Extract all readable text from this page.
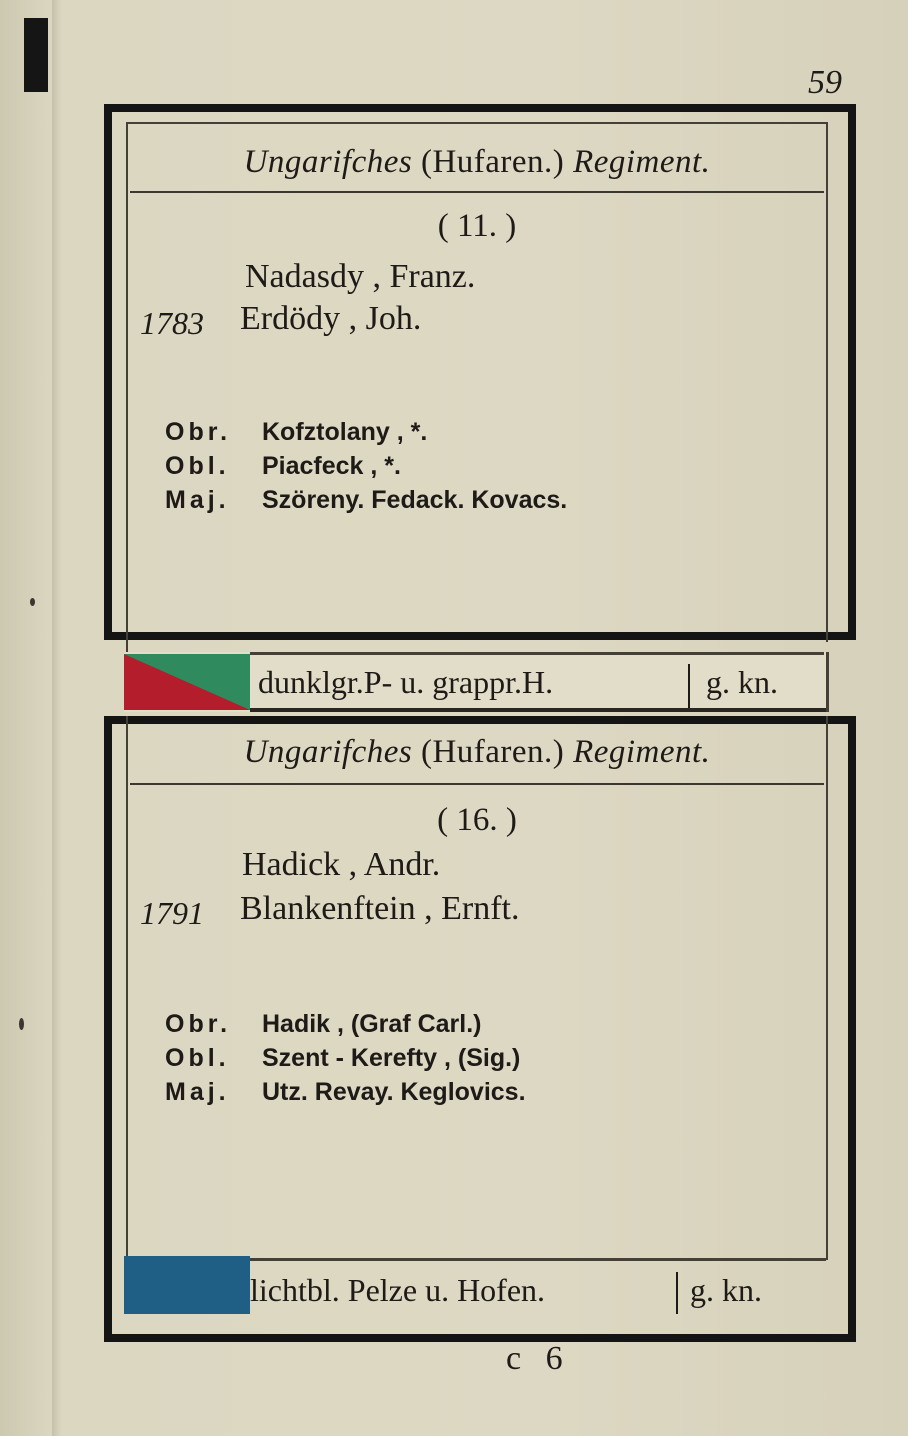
59
Ungarifches (Hufaren.) Regiment.
( 11. )
Nadasdy , Franz.
1783 Erdödy , Joh.
Obr. Kofztolany , *.
Obl. Piacfeck , *.
Maj. Szöreny. Fedack. Kovacs.
dunklgr.P- u. grappr.H.	g. kn.
Ungarifches (Hufaren.) Regiment.
( 16. )
Hadick , Andr.
1791 Blankenftein , Ernft.
Obr. Hadik , (Graf Carl.)
Obl. Szent - Kerefty , (Sig.)
Maj. Utz. Revay. Keglovics.
lichtbl. Pelze u. Hofen.	g. kn.
c 6
